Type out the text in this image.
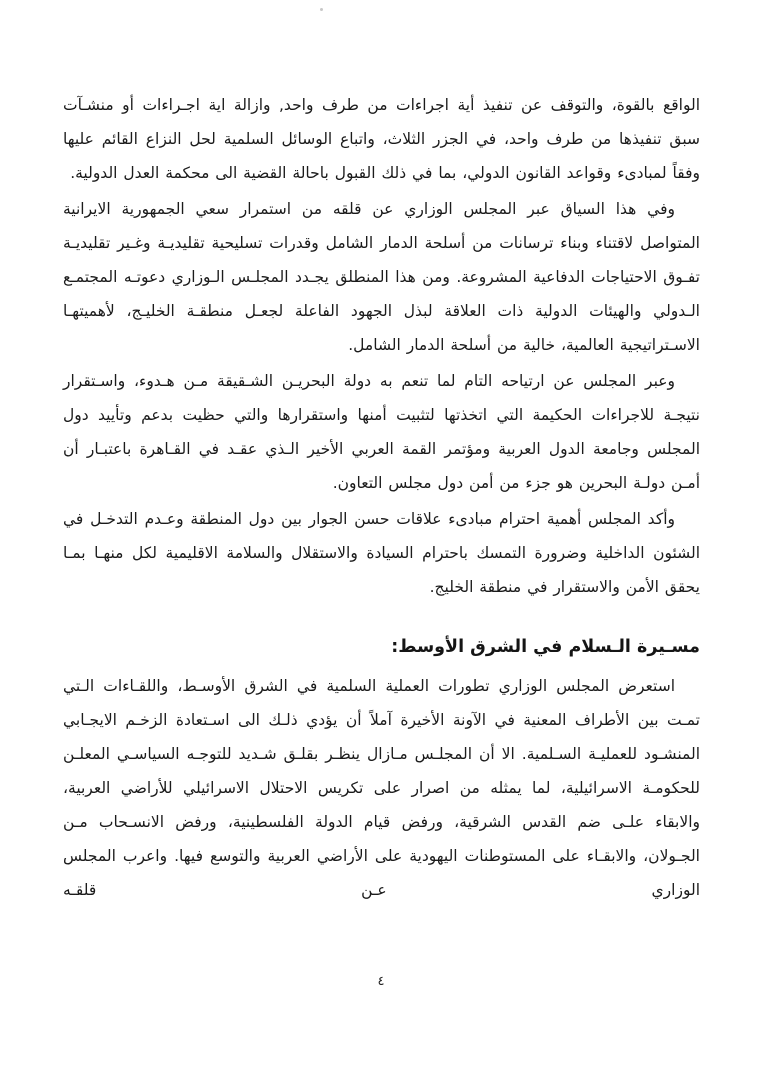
الواقع بالقوة، والتوقف عن تنفيذ أية اجراءات من طرف واحد, وازالة اية اجـراءات أو منشـآت سبق تنفيذها من طرف واحد، في الجزر الثلاث، واتباع الوسائل السلمية لحل النزاع القائم عليها وفقاً لمبادىء وقواعد القانون الدولي، بما في ذلك القبول باحالة القضية الى محكمة العدل الدولية.

وفي هذا السياق عبر المجلس الوزاري عن قلقه من استمرار سعي الجمهورية الايرانية المتواصل لاقتناء وبناء ترسانات من أسلحة الدمار الشامل وقدرات تسليحية تقليديـة وغـير تقليديـة تفـوق الاحتياجات الدفاعية المشروعة. ومن هذا المنطلق يجـدد المجلـس الـوزاري دعوتـه المجتمـع الـدولي والهيئات الدولية ذات العلاقة لبذل الجهود الفاعلة لجعـل منطقـة الخليـج، لأهميتهـا الاسـتراتيجية العالمية، خالية من أسلحة الدمار الشامل.

وعبر المجلس عن ارتياحه التام لما تنعم به دولة البحريـن الشـقيقة مـن هـدوء، واسـتقرار نتيجـة للاجراءات الحكيمة التي اتخذتها لتثبيت أمنها واستقرارها والتي حظيت بدعم وتأييد دول المجلس وجامعة الدول العربية ومؤتمر القمة العربي الأخير الـذي عقـد في القـاهرة باعتبـار أن أمـن دولـة البحرين هو جزء من أمن دول مجلس التعاون.

وأكد المجلس أهمية احترام مبادىء علاقات حسن الجوار بين دول المنطقة وعـدم التدخـل في الشئون الداخلية وضرورة التمسك باحترام السيادة والاستقلال والسلامة الاقليمية لكل منهـا بمـا يحقق الأمن والاستقرار في منطقة الخليج.

مسـيرة الـسلام في الشرق الأوسط:

استعرض المجلس الوزاري تطورات العملية السلمية في الشرق الأوسـط، واللقـاءات الـتي تمـت بين الأطراف المعنية في الآونة الأخيرة آملاً أن يؤدي ذلـك الى اسـتعادة الزخـم الايجـابي المنشـود للعمليـة السـلمية. الا أن المجلـس مـازال ينظـر بقلـق شـديد للتوجـه السياسـي المعلـن للحكومـة الاسرائيلية، لما يمثله من اصرار على تكريس الاحتلال الاسرائيلي للأراضي العربية، والابقاء علـى ضم القدس الشرقية، ورفض قيام الدولة الفلسطينية، ورفض الانسـحاب مـن الجـولان، والابقـاء على المستوطنات اليهودية على الأراضي العربية والتوسع فيها. واعرب المجلس الوزاري عـن قلقـه

٤
